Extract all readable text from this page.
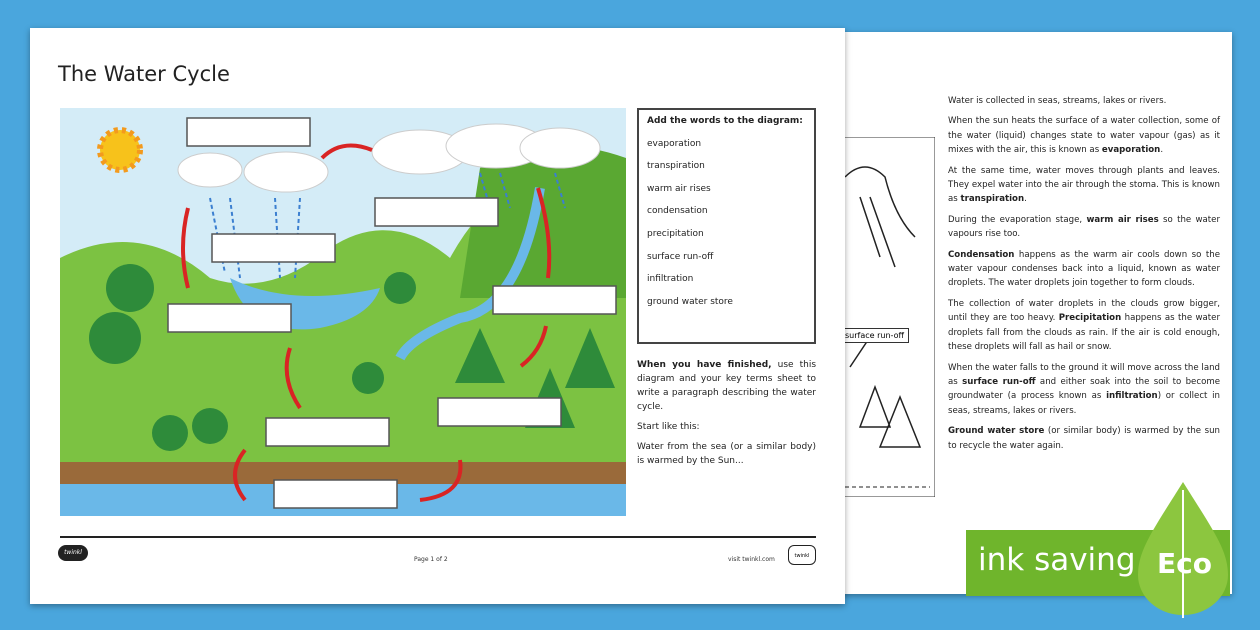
surface run-off

Water is collected in seas, streams, lakes or rivers.

When the sun heats the surface of a water collection, some of the water (liquid) changes state to water vapour (gas) as it mixes with the air, this is known as evaporation.

At the same time, water moves through plants and leaves. They expel water into the air through the stoma. This is known as transpiration.

During the evaporation stage, warm air rises so the water vapours rise too.

Condensation happens as the warm air cools down so the water vapour condenses back into a liquid, known as water droplets. The water droplets join together to form clouds.

The collection of water droplets in the clouds grow bigger, until they are too heavy. Precipitation happens as the water droplets fall from the clouds as rain. If the air is cold enough, these droplets will fall as hail or snow.

When the water falls to the ground it will move across the land as surface run-off and either soak into the soil to become groundwater (a process known as infiltration) or collect in seas, streams, lakes or rivers.

Ground water store (or similar body) is warmed by the sun to recycle the water again.

The Water Cycle
Add the words to the diagram:
evaporation
transpiration
warm air rises
condensation
precipitation
surface run-off
infiltration
ground water store

When you have finished, use this diagram and your key terms sheet to write a paragraph describing the water cycle.

Start like this:

Water from the sea (or a similar body) is warmed by the Sun...

twinkl
Page 1 of 2	visit twinkl.com	twinkl	ink saving Eco
